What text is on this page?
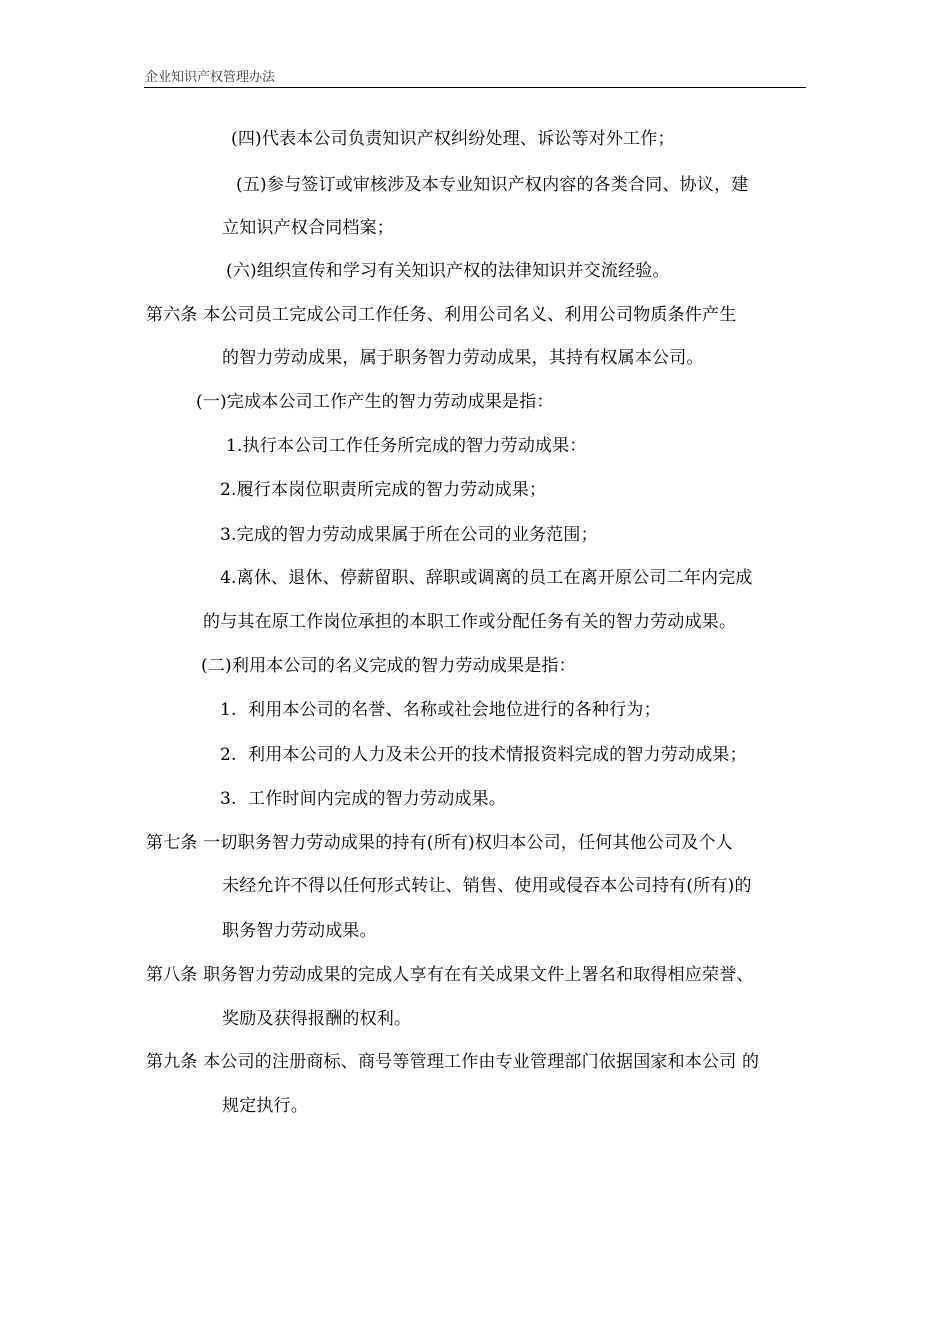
企业知识产权管理办法
(四)代表本公司负责知识产权纠纷处理、诉讼等对外工作；
(五)参与签订或审核涉及本专业知识产权内容的各类合同、协议，建
立知识产权合同档案；
(六)组织宣传和学习有关知识产权的法律知识并交流经验。
第六条 本公司员工完成公司工作任务、利用公司名义、利用公司物质条件产生
的智力劳动成果，属于职务智力劳动成果，其持有权属本公司。
(一)完成本公司工作产生的智力劳动成果是指：
1.执行本公司工作任务所完成的智力劳动成果：
2.履行本岗位职责所完成的智力劳动成果；
3.完成的智力劳动成果属于所在公司的业务范围；
4.离休、退休、停薪留职、辞职或调离的员工在离开原公司二年内完成
的与其在原工作岗位承担的本职工作或分配任务有关的智力劳动成果。
(二)利用本公司的名义完成的智力劳动成果是指：
1. 利用本公司的名誉、名称或社会地位进行的各种行为；
2. 利用本公司的人力及未公开的技术情报资料完成的智力劳动成果；
3. 工作时间内完成的智力劳动成果。
第七条 一切职务智力劳动成果的持有(所有)权归本公司，任何其他公司及个人
未经允许不得以任何形式转让、销售、使用或侵吞本公司持有(所有)的
职务智力劳动成果。
第八条 职务智力劳动成果的完成人享有在有关成果文件上署名和取得相应荣誉、
奖励及获得报酬的权利。
第九条 本公司的注册商标、商号等管理工作由专业管理部门依据国家和本公司 的
规定执行。
